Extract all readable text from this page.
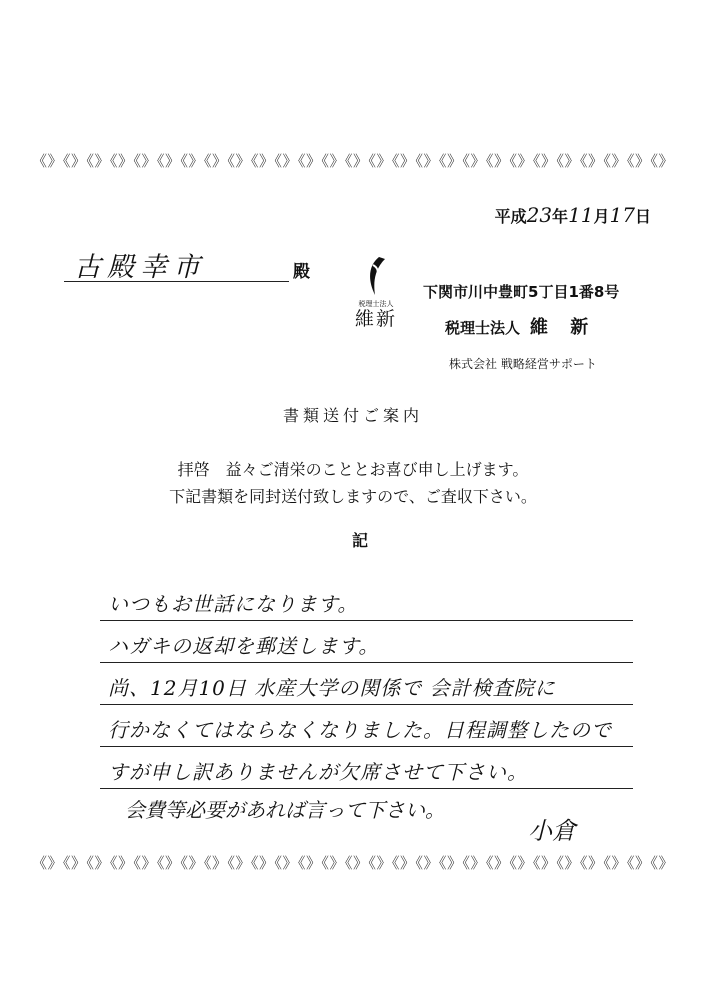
《》《》《》《》《》《》《》《》《》《》《》《》《》《》《》《》《》《》《》《》《》《》《》《》《》《》《》
平成23年11月17日
古殿幸市	殿
税理士法人
維新
下関市川中豊町5丁目1番8号
税理士法人 維 新
株式会社 戦略経営サポート
書類送付ご案内
拝啓　益々ご清栄のこととお喜び申し上げます。
下記書類を同封送付致しますので、ご査収下さい。
記
いつもお世話になります。
ハガキの返却を郵送します。
尚、12月10日 水産大学の関係で 会計検査院に
行かなくてはならなくなりました。日程調整したので
すが申し訳ありませんが欠席させて下さい。
会費等必要があれば言って下さい。
小倉
《》《》《》《》《》《》《》《》《》《》《》《》《》《》《》《》《》《》《》《》《》《》《》《》《》《》《》
